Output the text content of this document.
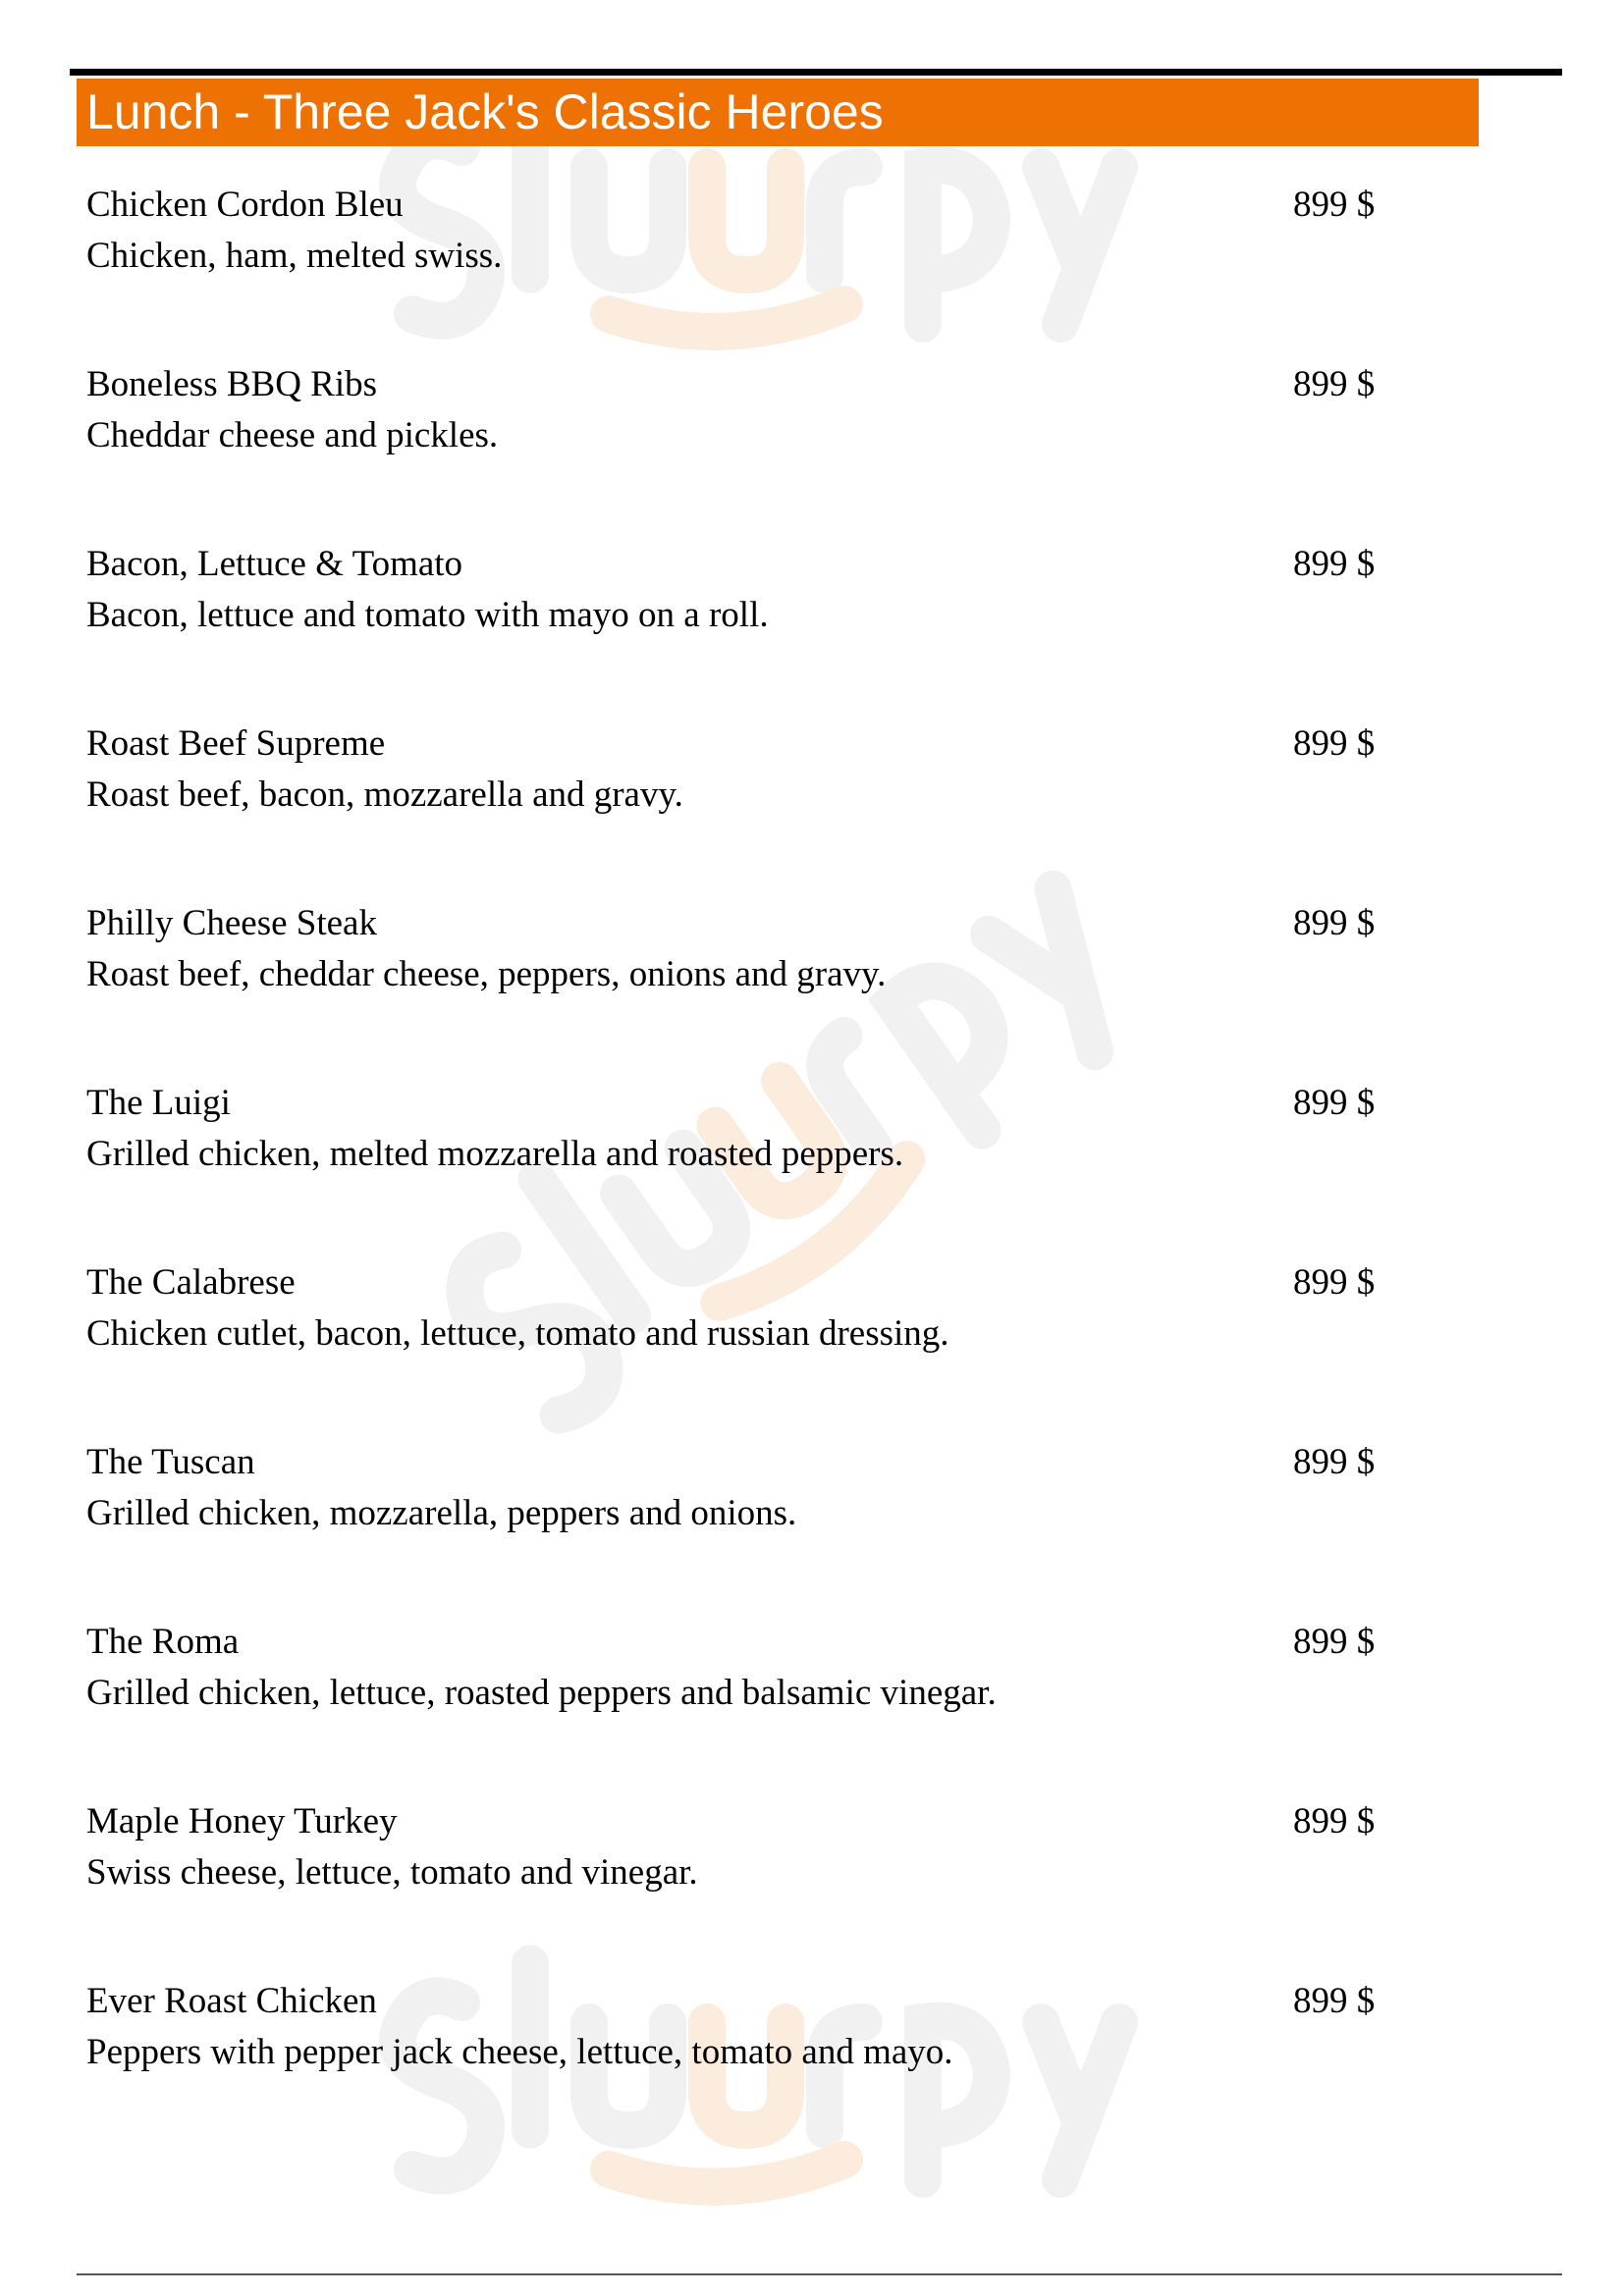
Lunch - Three Jack's Classic Heroes
Chicken Cordon Bleu
Chicken, ham, melted swiss.
899 $
Boneless BBQ Ribs
Cheddar cheese and pickles.
899 $
Bacon, Lettuce & Tomato
Bacon, lettuce and tomato with mayo on a roll.
899 $
Roast Beef Supreme
Roast beef, bacon, mozzarella and gravy.
899 $
Philly Cheese Steak
Roast beef, cheddar cheese, peppers, onions and gravy.
899 $
The Luigi
Grilled chicken, melted mozzarella and roasted peppers.
899 $
The Calabrese
Chicken cutlet, bacon, lettuce, tomato and russian dressing.
899 $
The Tuscan
Grilled chicken, mozzarella, peppers and onions.
899 $
The Roma
Grilled chicken, lettuce, roasted peppers and balsamic vinegar.
899 $
Maple Honey Turkey
Swiss cheese, lettuce, tomato and vinegar.
899 $
Ever Roast Chicken
Peppers with pepper jack cheese, lettuce, tomato and mayo.
899 $
